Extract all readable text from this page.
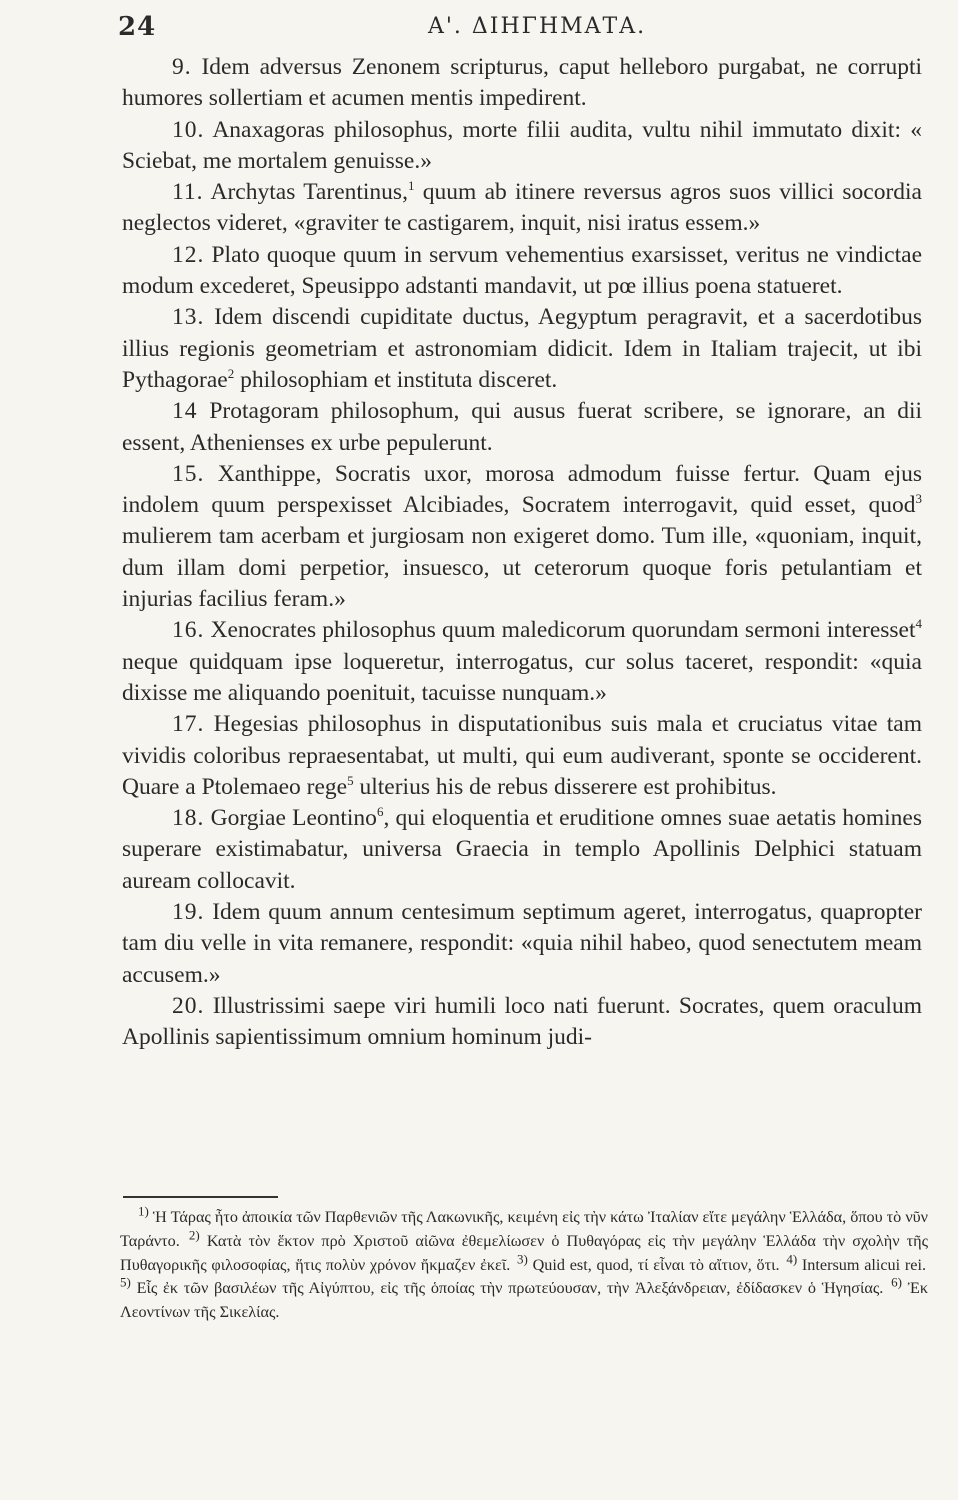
24	Α'. ΔΙΗΓΗΜΑΤΑ.

9. Idem adversus Zenonem scripturus, caput helleboro purgabat, ne corrupti humores sollertiam et acumen mentis impedirent.

10. Anaxagoras philosophus, morte filii audita, vultu nihil immutato dixit: « Sciebat, me mortalem genuisse.»

11. Archytas Tarentinus,$^1$ quum ab itinere reversus agros suos villici socordia neglectos videret, «graviter te castigarem, inquit, nisi iratus essem.»

12. Plato quoque quum in servum vehementius exarsisset, veritus ne vindictae modum excederet, Speusippo adstanti mandavit, ut pœ illius poena statueret.

13. Idem discendi cupiditate ductus, Aegyptum peragravit, et a sacerdotibus illius regionis geometriam et astronomiam didicit. Idem in Italiam trajecit, ut ibi Pythagorae$^2$ philosophiam et instituta disceret.

14 Protagoram philosophum, qui ausus fuerat scribere, se ignorare, an dii essent, Athenienses ex urbe pepulerunt.

15. Xanthippe, Socratis uxor, morosa admodum fuisse fertur. Quam ejus indolem quum perspexisset Alcibiades, Socratem interrogavit, quid esset, quod$^3$ mulierem tam acerbam et jurgiosam non exigeret domo. Tum ille, «quoniam, inquit, dum illam domi perpetior, insuesco, ut ceterorum quoque foris petulantiam et injurias facilius feram.»

16. Xenocrates philosophus quum maledicorum quorundam sermoni interesset$^4$ neque quidquam ipse loqueretur, interrogatus, cur solus taceret, respondit: «quia dixisse me aliquando poenituit, tacuisse nunquam.»

17. Hegesias philosophus in disputationibus suis mala et cruciatus vitae tam vividis coloribus repraesentabat, ut multi, qui eum audiverant, sponte se occiderent. Quare a Ptolemaeo rege$^5$ ulterius his de rebus disserere est prohibitus.

18. Gorgiae Leontino$^6$, qui eloquentia et eruditione omnes suae aetatis homines superare existimabatur, universa Graecia in templo Apollinis Delphici statuam auream collocavit.

19. Idem quum annum centesimum septimum ageret, interrogatus, quapropter tam diu velle in vita remanere, respondit: «quia nihil habeo, quod senectutem meam accusem.»

20. Illustrissimi saepe viri humili loco nati fuerunt. Socrates, quem oraculum Apollinis sapientissimum omnium hominum judi-

$^{1)}$ Ἡ Τάρας ἦτο ἀποικία τῶν Παρθενιῶν τῆς Λακωνικῆς, κειμένη εἰς τὴν κάτω Ἰταλίαν εἴτε μεγάλην Ἑλλάδα, ὅπου τὸ νῦν Ταράντο. $^{2)}$ Κατὰ τὸν ἕκτον πρὸ Χριστοῦ αἰῶνα ἐθεμελίωσεν ὁ Πυθαγόρας εἰς τὴν μεγάλην Ἑλλάδα τὴν σχολὴν τῆς Πυθαγορικῆς φιλοσοφίας, ἥτις πολὺν χρόνον ἤκμαζεν ἐκεῖ. $^{3)}$ Quid est, quod, τί εἶναι τὸ αἴτιον, ὅτι. $^{4)}$ Intersum alicui rei. $^{5)}$ Εἷς ἐκ τῶν βασιλέων τῆς Αἰγύπτου, εἰς τῆς ὁποίας τὴν πρωτεύουσαν, τὴν Ἀλεξάνδρειαν, ἐδίδασκεν ὁ Ἡγησίας. $^{6)}$ Ἐκ Λεοντίνων τῆς Σικελίας.
